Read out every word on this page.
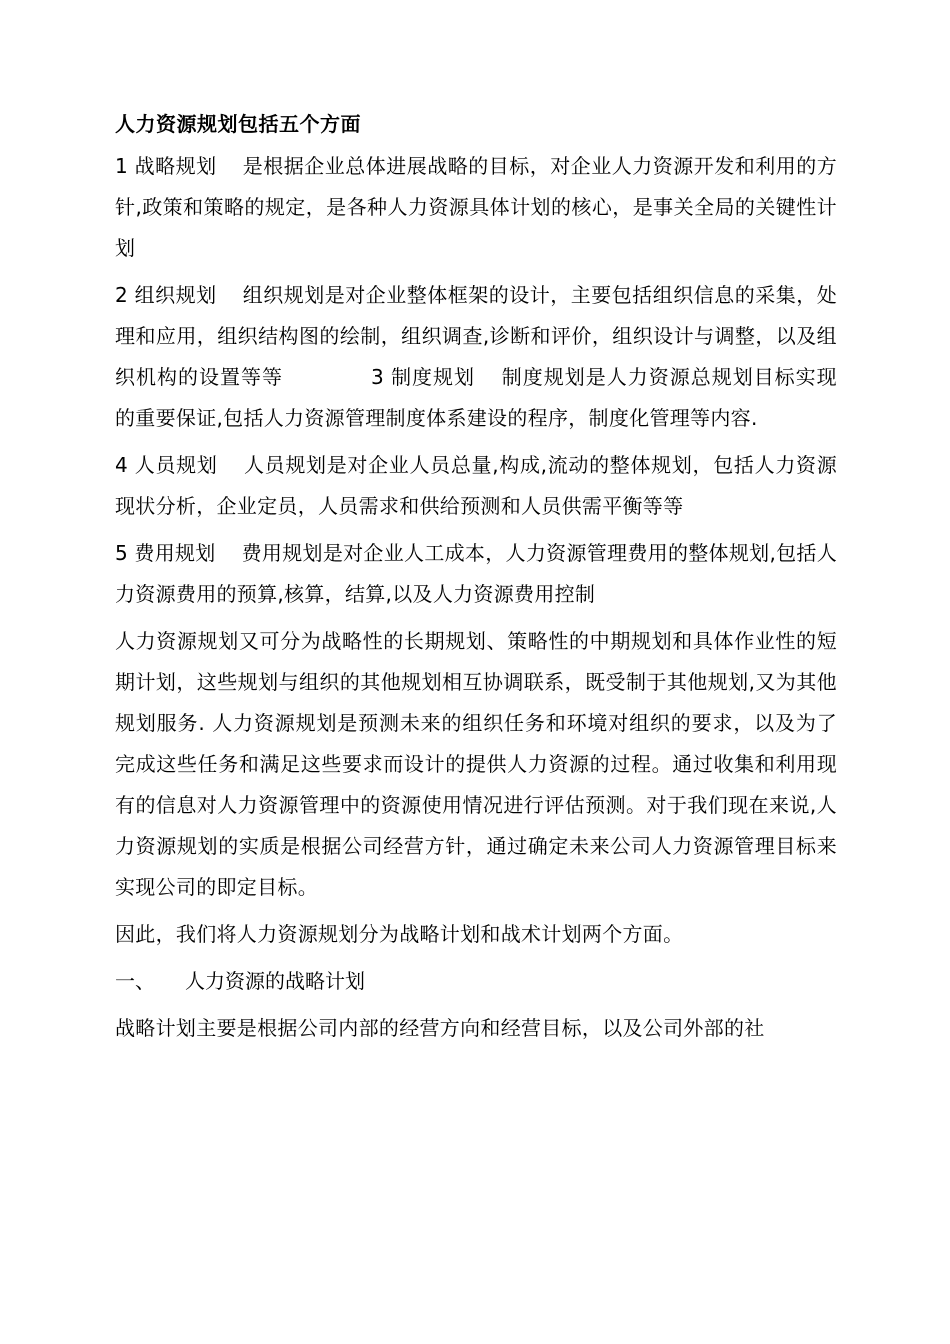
人力资源规划包括五个方面

1 战略规划 是根据企业总体进展战略的目标，对企业人力资源开发和利用的方针,政策和策略的规定，是各种人力资源具体计划的核心，是事关全局的关键性计划

2 组织规划 组织规划是对企业整体框架的设计，主要包括组织信息的采集，处理和应用，组织结构图的绘制，组织调查,诊断和评价，组织设计与调整，以及组织机构的设置等等	3 制度规划 制度规划是人力资源总规划目标实现的重要保证,包括人力资源管理制度体系建设的程序，制度化管理等内容.

4 人员规划 人员规划是对企业人员总量,构成,流动的整体规划，包括人力资源现状分析，企业定员，人员需求和供给预测和人员供需平衡等等

5 费用规划 费用规划是对企业人工成本，人力资源管理费用的整体规划,包括人力资源费用的预算,核算，结算,以及人力资源费用控制

人力资源规划又可分为战略性的长期规划、策略性的中期规划和具体作业性的短期计划，这些规划与组织的其他规划相互协调联系，既受制于其他规划,又为其他规划服务. 人力资源规划是预测未来的组织任务和环境对组织的要求，以及为了完成这些任务和满足这些要求而设计的提供人力资源的过程。通过收集和利用现有的信息对人力资源管理中的资源使用情况进行评估预测。对于我们现在来说,人力资源规划的实质是根据公司经营方针，通过确定未来公司人力资源管理目标来实现公司的即定目标。

因此，我们将人力资源规划分为战略计划和战术计划两个方面。

一、 人力资源的战略计划

战略计划主要是根据公司内部的经营方向和经营目标，以及公司外部的社
